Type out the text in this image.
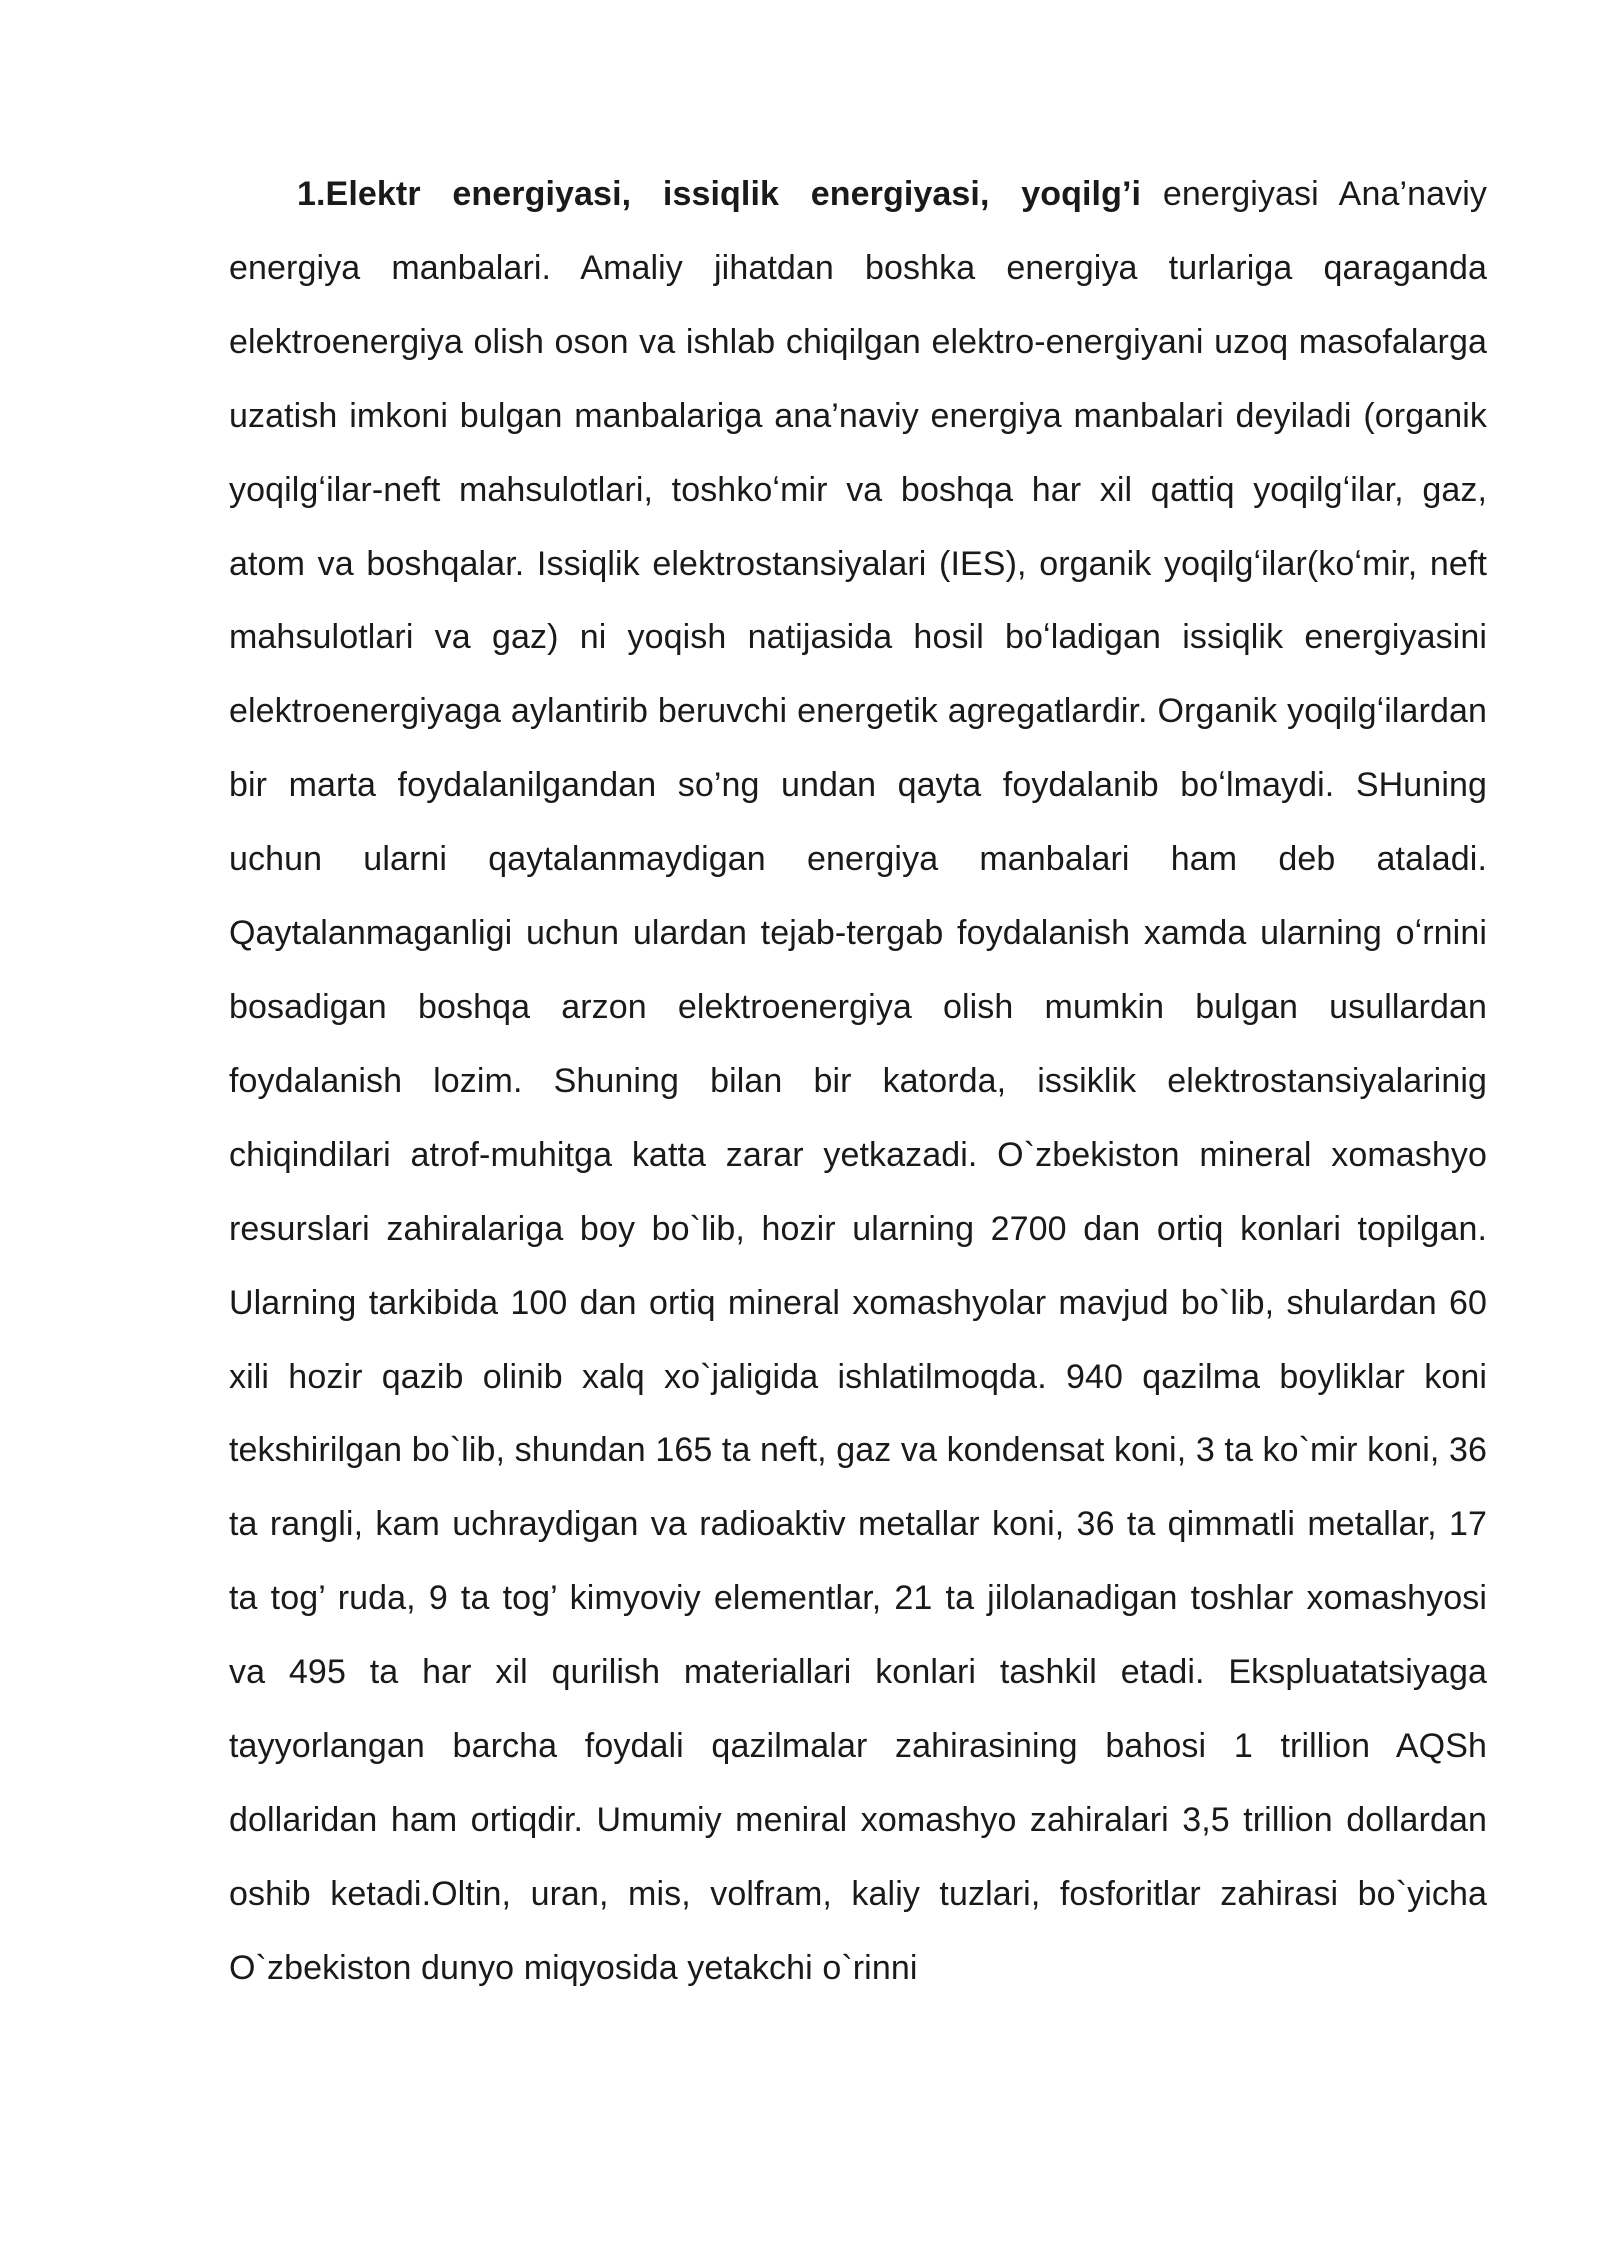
1.Elektr energiyasi, issiqlik energiyasi, yoqilg’i energiyasi Ana’naviy energiya manbalari. Amaliy jihatdan boshka energiya turlariga qaraganda elektroenergiya olish oson va ishlab chiqilgan elektro-energiyani uzoq masofalarga uzatish imkoni bulgan manbalariga ana’naviy energiya manbalari deyiladi (organik yoqilgʻilar-neft mahsulotlari, toshkoʻmir va boshqa har xil qattiq yoqilgʻilar, gaz, atom va boshqalar. Issiqlik elektrostansiyalari (IES), organik yoqilgʻilar(koʻmir, neft mahsulotlari va gaz) ni yoqish natijasida hosil boʻladigan issiqlik energiyasini elektroenergiyaga aylantirib beruvchi energetik agregatlardir. Organik yoqilgʻilardan bir marta foydalanilgandan so’ng undan qayta foydalanib boʻlmaydi. SHuning uchun ularni qaytalanmaydigan energiya manbalari ham deb ataladi. Qaytalanmaganligi uchun ulardan tejab-tergab foydalanish xamda ularning oʻrnini bosadigan boshqa arzon elektroenergiya olish mumkin bulgan usullardan foydalanish lozim. Shuning bilan bir katorda, issiklik elektrostansiyalarinig chiqindilari atrof-muhitga katta zarar yetkazadi. O`zbekiston mineral xomashyo resurslari zahiralariga boy bo`lib, hozir ularning 2700 dan ortiq konlari topilgan. Ularning tarkibida 100 dan ortiq mineral xomashyolar mavjud bo`lib, shulardan 60 xili hozir qazib olinib xalq xo`jaligida ishlatilmoqda. 940 qazilma boyliklar koni tekshirilgan bo`lib, shundan 165 ta neft, gaz va kondensat koni, 3 ta ko`mir koni, 36 ta rangli, kam uchraydigan va radioaktiv metallar koni, 36 ta qimmatli metallar, 17 ta tog’ ruda, 9 ta tog’ kimyoviy elementlar, 21 ta jilolanadigan toshlar xomashyosi va 495 ta har xil qurilish materiallari konlari tashkil etadi. Ekspluatatsiyaga tayyorlangan barcha foydali qazilmalar zahirasining bahosi 1 trillion AQSh dollaridan ham ortiqdir. Umumiy meniral xomashyo zahiralari 3,5 trillion dollardan oshib ketadi.Oltin, uran, mis, volfram, kaliy tuzlari, fosforitlar zahirasi bo`yicha O`zbekiston dunyo miqyosida yetakchi o`rinni
